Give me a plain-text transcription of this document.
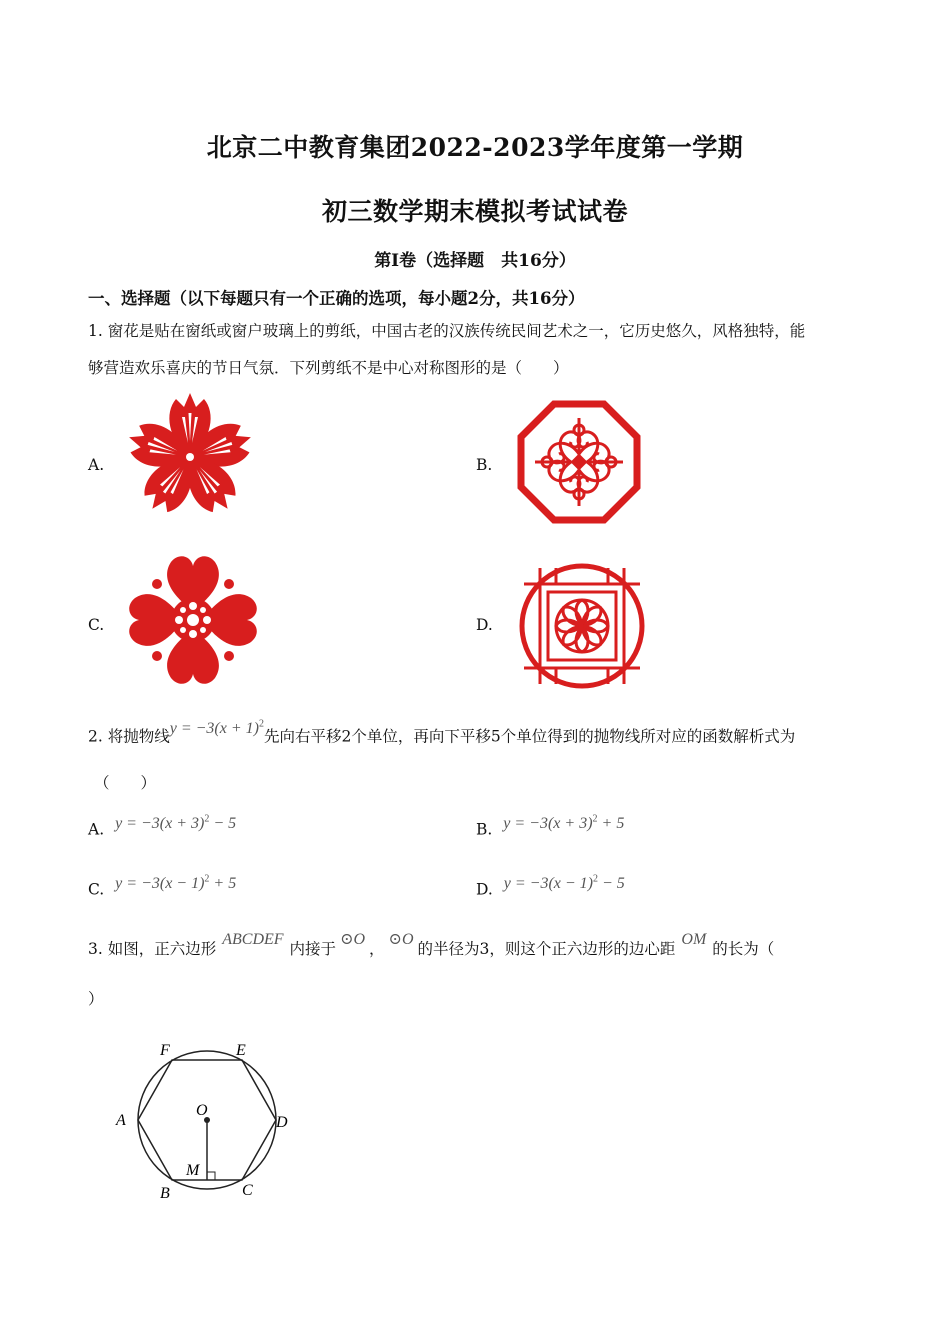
北京二中教育集团2022-2023学年度第一学期
初三数学期末模拟考试试卷
第Ⅰ卷（选择题　共16分）
一、选择题（以下每题只有一个正确的选项，每小题2分，共16分）
1. 窗花是贴在窗纸或窗户玻璃上的剪纸，中国古老的汉族传统民间艺术之一，它历史悠久，风格独特，能
够营造欢乐喜庆的节日气氛．下列剪纸不是中心对称图形的是（　　）
A.	B.
C.	D.
2. 将抛物线$y = -3(x + 1)^2$先向右平移2个单位，再向下平移5个单位得到的抛物线所对应的函数解析式为
（　　）
A. $y = -3(x + 3)^2 - 5$	B. $y = -3(x + 3)^2 + 5$
C. $y = -3(x - 1)^2 + 5$	D. $y = -3(x - 1)^2 - 5$
3. 如图，正六边形ABCDEF内接于⊙O，⊙O的半径为3，则这个正六边形的边心距OM的长为（
）
F	E
A	D
O
M
B	C
